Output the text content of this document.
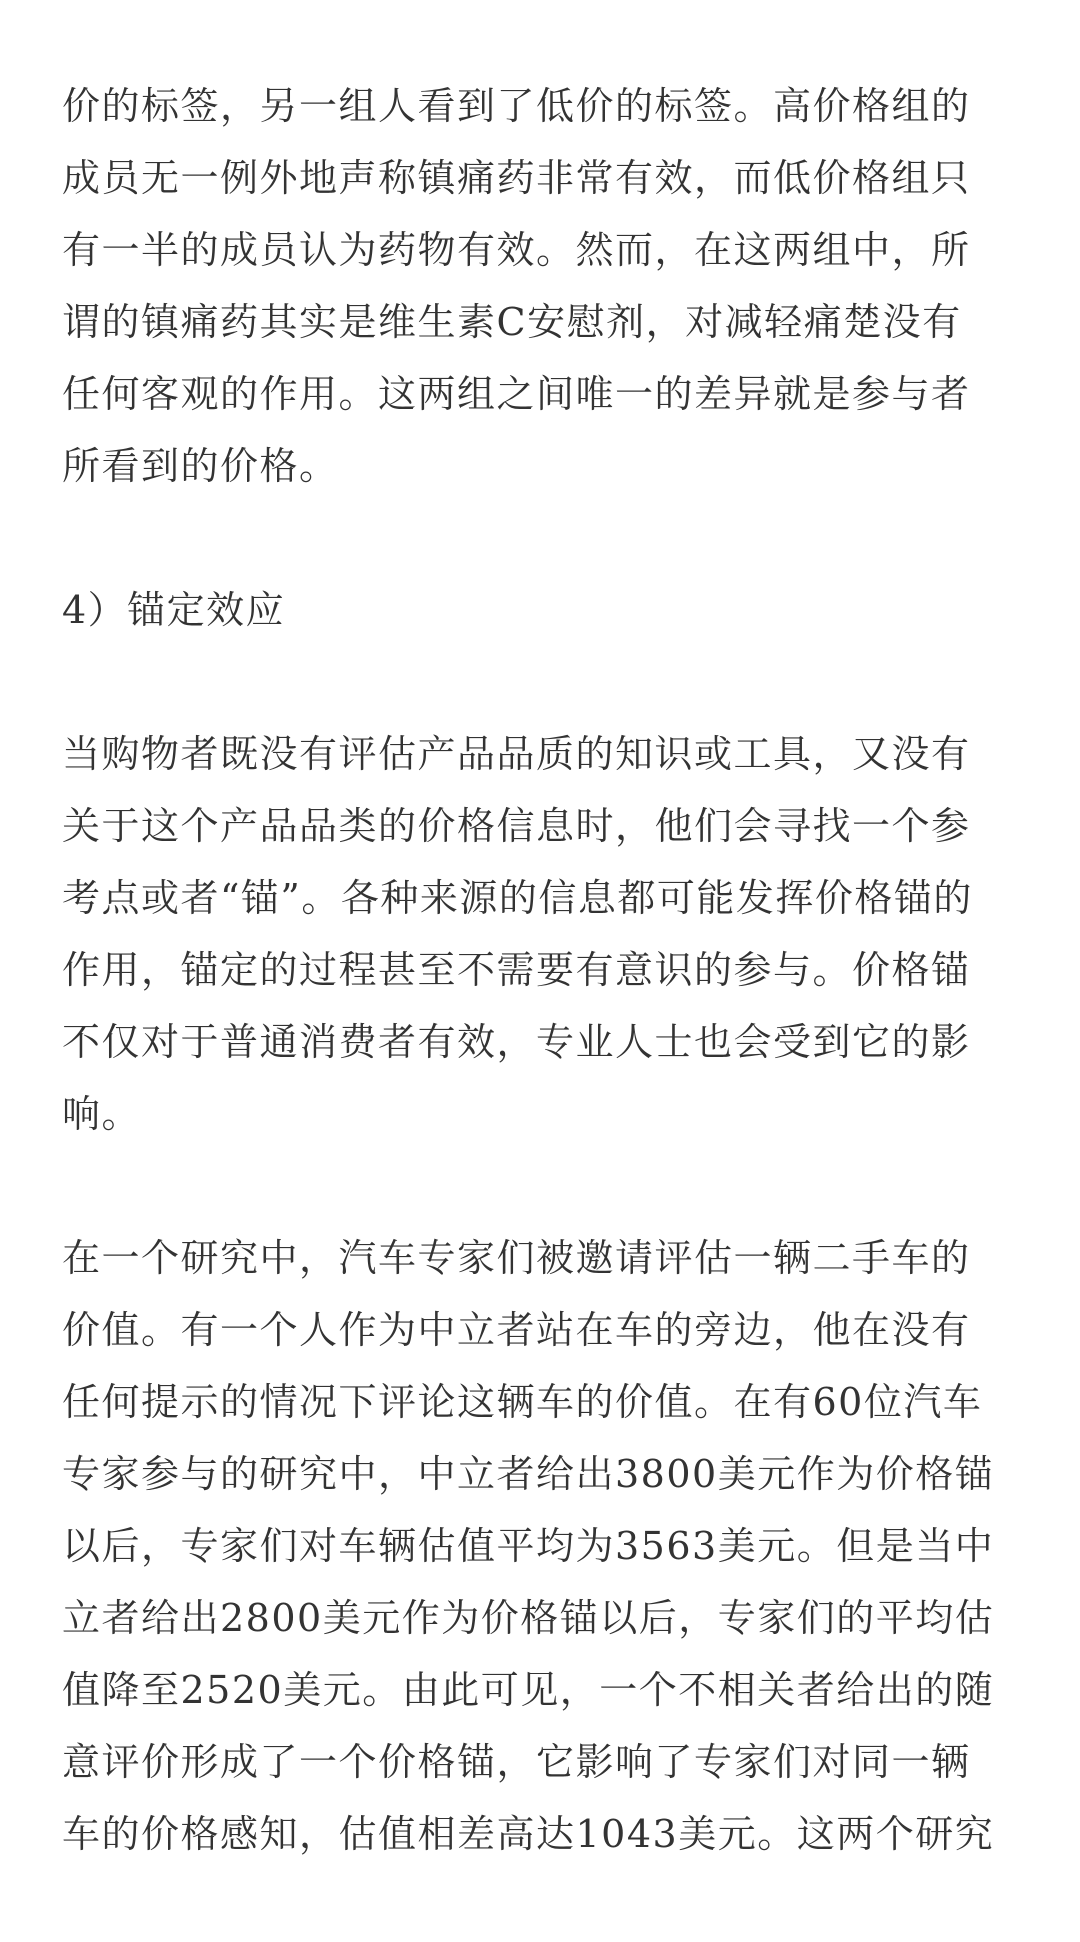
价的标签，另一组人看到了低价的标签。高价格组的
成员无一例外地声称镇痛药非常有效，而低价格组只
有一半的成员认为药物有效。然而，在这两组中，所
谓的镇痛药其实是维生素C安慰剂，对减轻痛楚没有
任何客观的作用。这两组之间唯一的差异就是参与者
所看到的价格。

4）锚定效应

当购物者既没有评估产品品质的知识或工具，又没有
关于这个产品品类的价格信息时，他们会寻找一个参
考点或者“锚”。各种来源的信息都可能发挥价格锚的
作用，锚定的过程甚至不需要有意识的参与。价格锚
不仅对于普通消费者有效，专业人士也会受到它的影
响。

在一个研究中，汽车专家们被邀请评估一辆二手车的
价值。有一个人作为中立者站在车的旁边，他在没有
任何提示的情况下评论这辆车的价值。在有60位汽车
专家参与的研究中，中立者给出3800美元作为价格锚
以后，专家们对车辆估值平均为3563美元。但是当中
立者给出2800美元作为价格锚以后，专家们的平均估
值降至2520美元。由此可见，一个不相关者给出的随
意评价形成了一个价格锚，它影响了专家们对同一辆
车的价格感知，估值相差高达1043美元。这两个研究
